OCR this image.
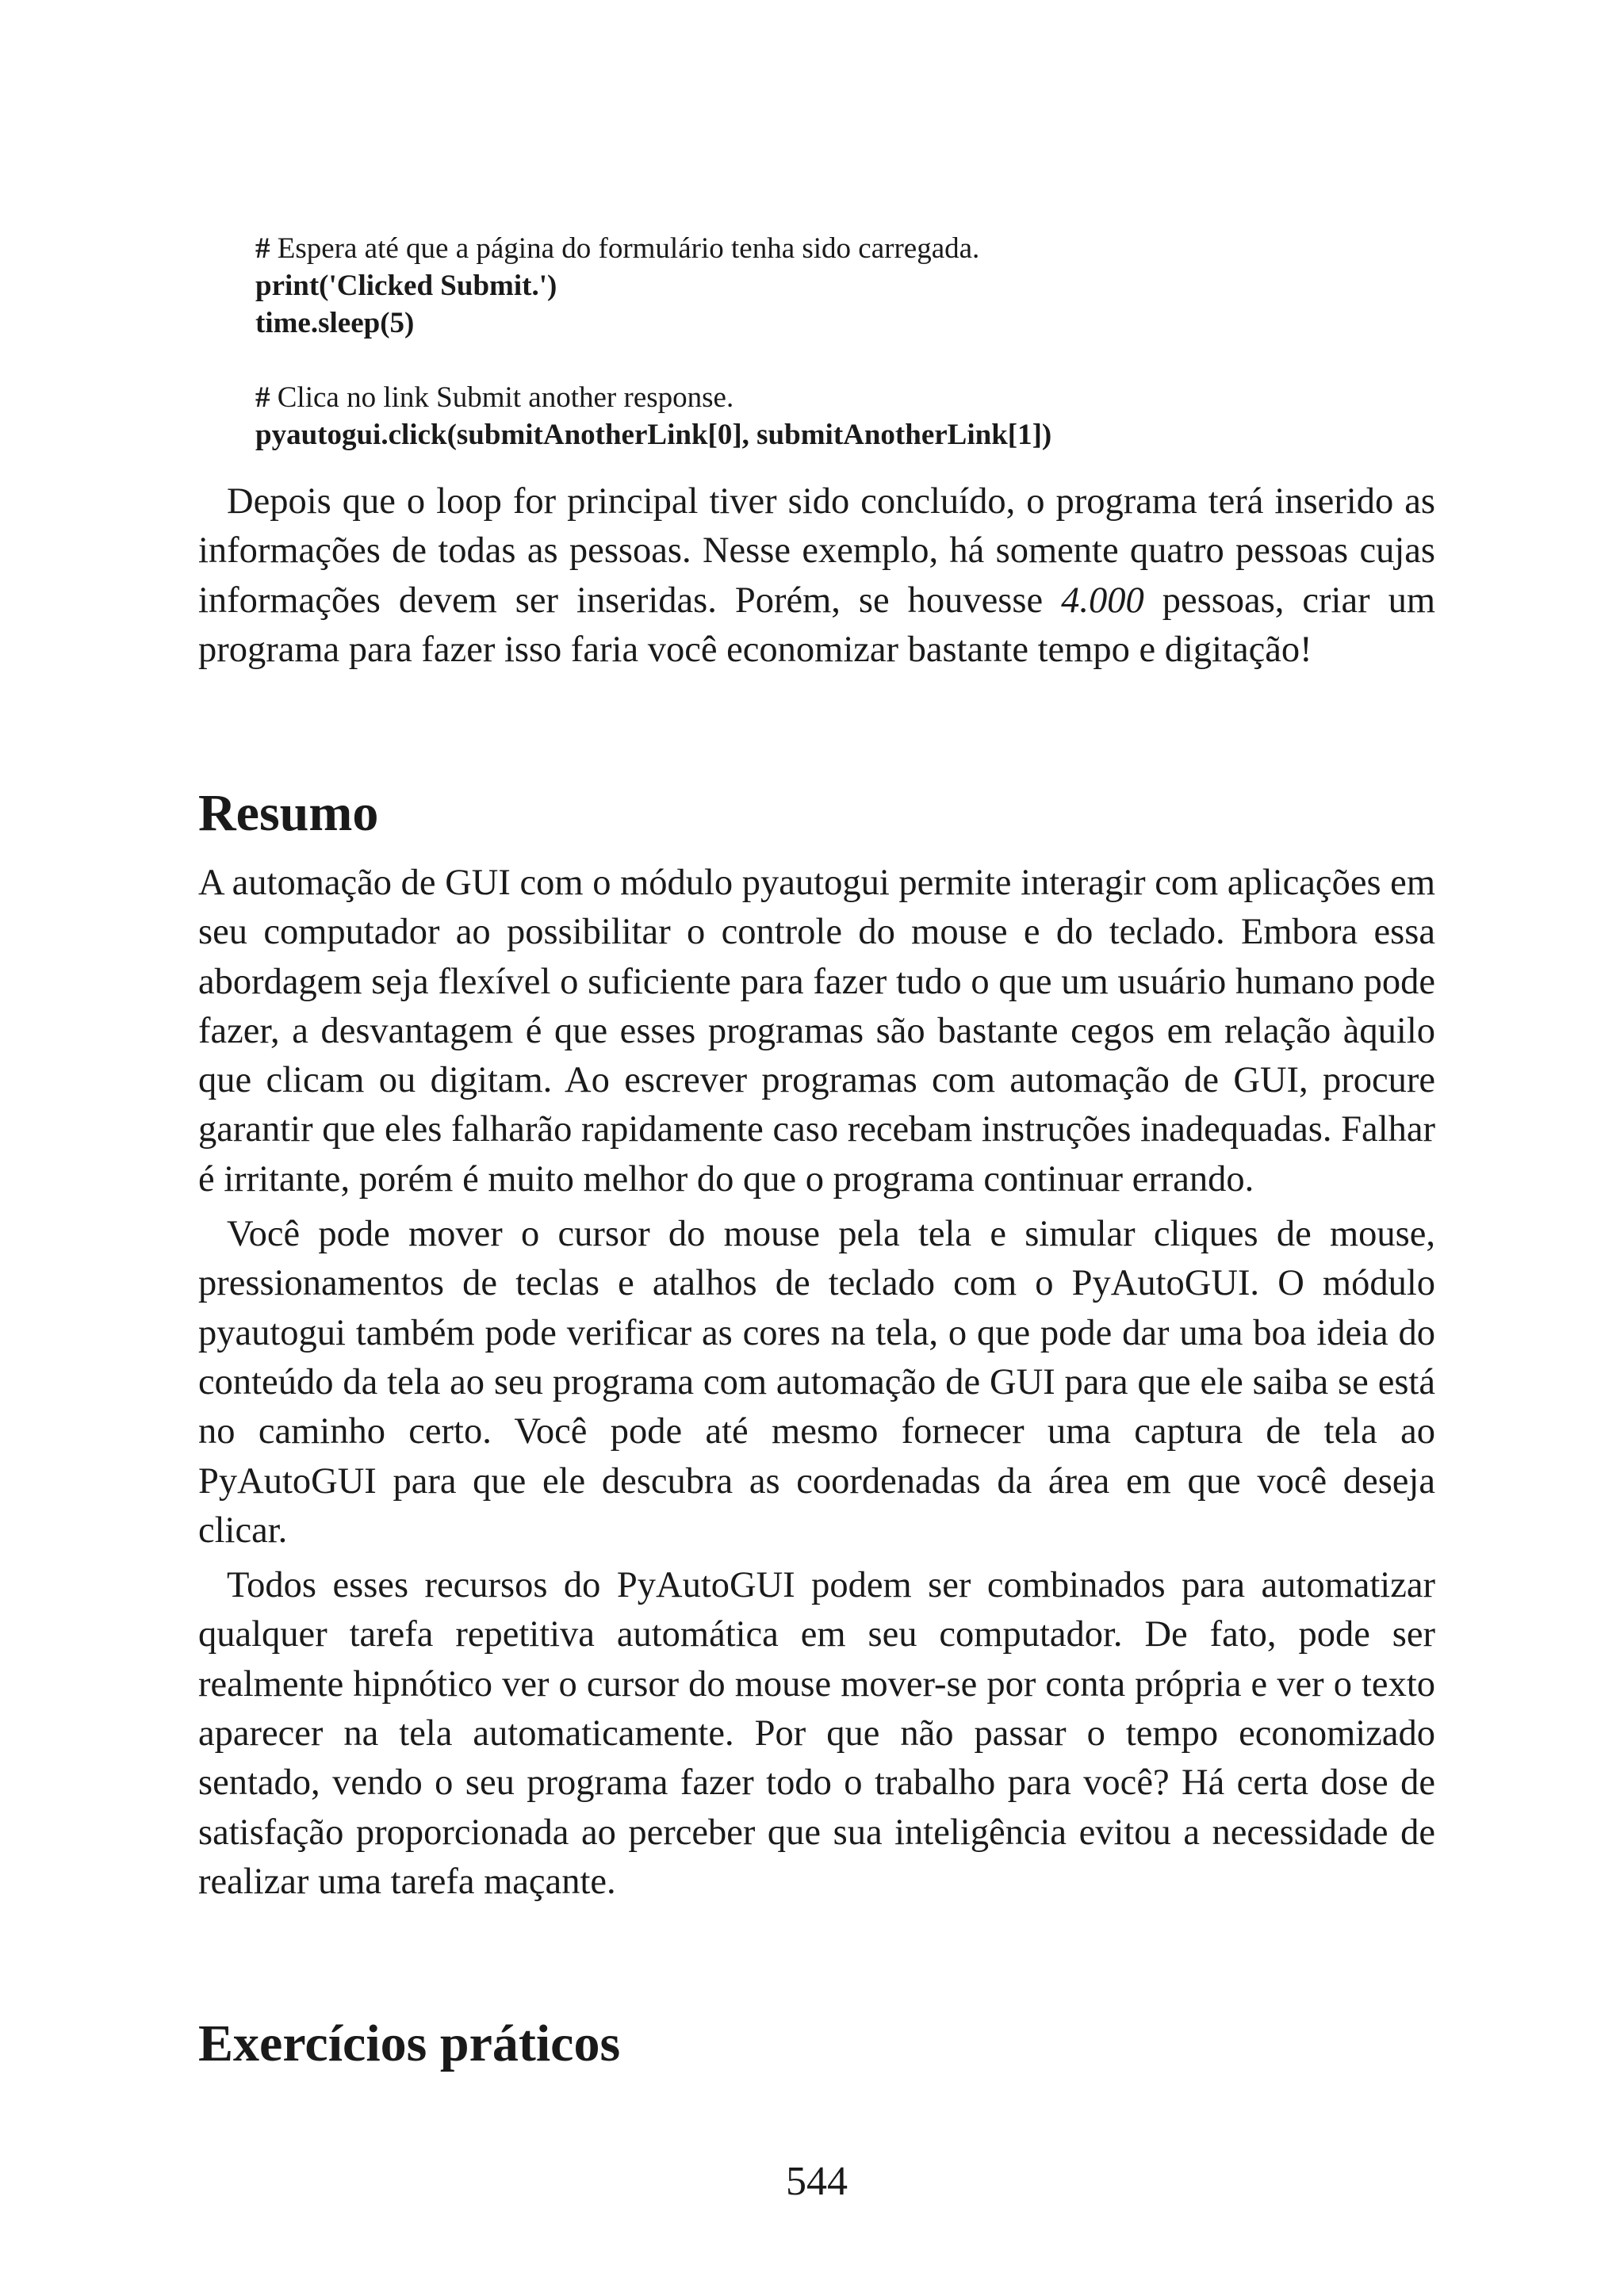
# Espera até que a página do formulário tenha sido carregada.
print('Clicked Submit.')
time.sleep(5)
# Clica no link Submit another response.
pyautogui.click(submitAnotherLink[0], submitAnotherLink[1])

Depois que o loop for principal tiver sido concluído, o programa terá inserido as informações de todas as pessoas. Nesse exemplo, há somente quatro pessoas cujas informações devem ser inseridas. Porém, se houvesse 4.000 pessoas, criar um programa para fazer isso faria você economizar bastante tempo e digitação!

Resumo

A automação de GUI com o módulo pyautogui permite interagir com aplicações em seu computador ao possibilitar o controle do mouse e do teclado. Embora essa abordagem seja flexível o suficiente para fazer tudo o que um usuário humano pode fazer, a desvantagem é que esses programas são bastante cegos em relação àquilo que clicam ou digitam. Ao escrever programas com automação de GUI, procure garantir que eles falharão rapidamente caso recebam instruções inadequadas. Falhar é irritante, porém é muito melhor do que o programa continuar errando.

Você pode mover o cursor do mouse pela tela e simular cliques de mouse, pressionamentos de teclas e atalhos de teclado com o PyAutoGUI. O módulo pyautogui também pode verificar as cores na tela, o que pode dar uma boa ideia do conteúdo da tela ao seu programa com automação de GUI para que ele saiba se está no caminho certo. Você pode até mesmo fornecer uma captura de tela ao PyAutoGUI para que ele descubra as coordenadas da área em que você deseja clicar.

Todos esses recursos do PyAutoGUI podem ser combinados para automatizar qualquer tarefa repetitiva automática em seu computador. De fato, pode ser realmente hipnótico ver o cursor do mouse mover-se por conta própria e ver o texto aparecer na tela automaticamente. Por que não passar o tempo economizado sentado, vendo o seu programa fazer todo o trabalho para você? Há certa dose de satisfação proporcionada ao perceber que sua inteligência evitou a necessidade de realizar uma tarefa maçante.

Exercícios práticos
544
